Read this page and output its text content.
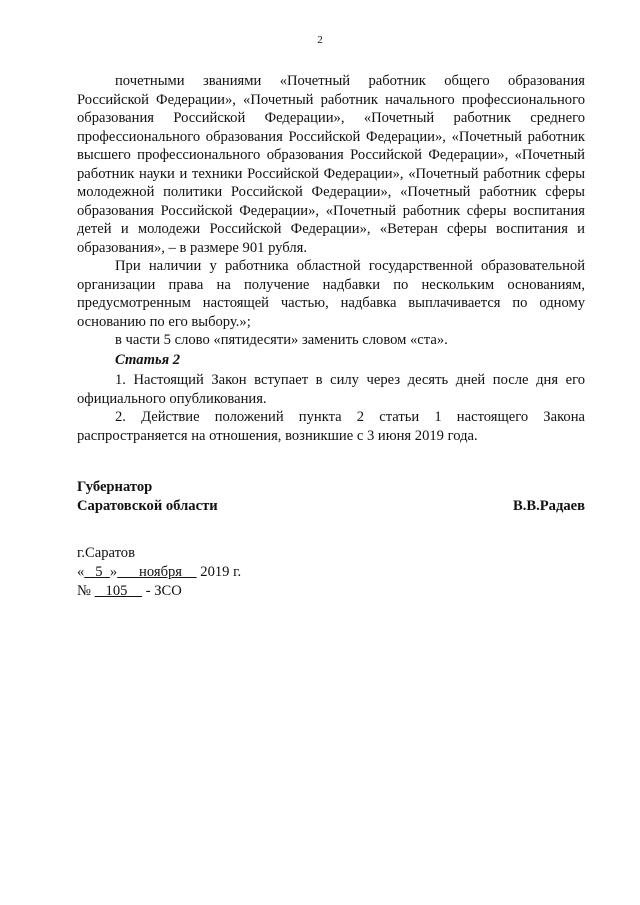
2

почетными званиями «Почетный работник общего образования Российской Федерации», «Почетный работник начального профессионального образования Российской Федерации», «Почетный работник среднего профессионального образования Российской Федерации», «Почетный работник высшего профессионального образования Российской Федерации», «Почетный работник науки и техники Российской Федерации», «Почетный работник сферы молодежной политики Российской Федерации», «Почетный работник сферы образования Российской Федерации», «Почетный работник сферы воспитания детей и молодежи Российской Федерации», «Ветеран сферы воспитания и образования», – в размере 901 рубля.

При наличии у работника областной государственной образовательной организации права на получение надбавки по нескольким основаниям, предусмотренным настоящей частью, надбавка выплачивается по одному основанию по его выбору.»;

в части 5 слово «пятидесяти» заменить словом «ста».

Статья 2

1. Настоящий Закон вступает в силу через десять дней после дня его официального опубликования.

2. Действие положений пункта 2 статьи 1 настоящего Закона распространяется на отношения, возникшие с 3 июня 2019 года.

Губернатор
Саратовской области	В.В.Радаев
г.Саратов
« 5 » ноября 2019 г.
№ 105 - ЗСО
